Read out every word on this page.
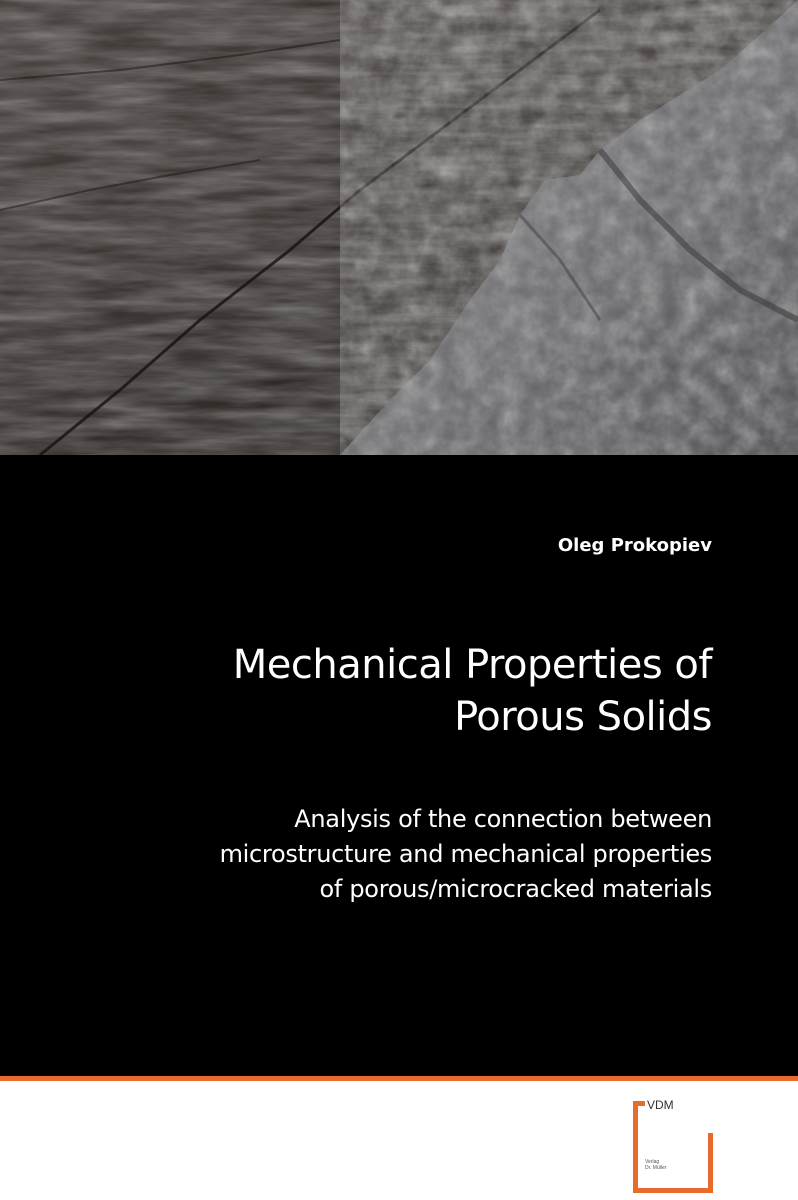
Oleg Prokopiev

Mechanical Properties of
Porous Solids

Analysis of the connection between
microstructure and mechanical properties
of porous/microcracked materials

VDM
Verlag
Dr. Müller
